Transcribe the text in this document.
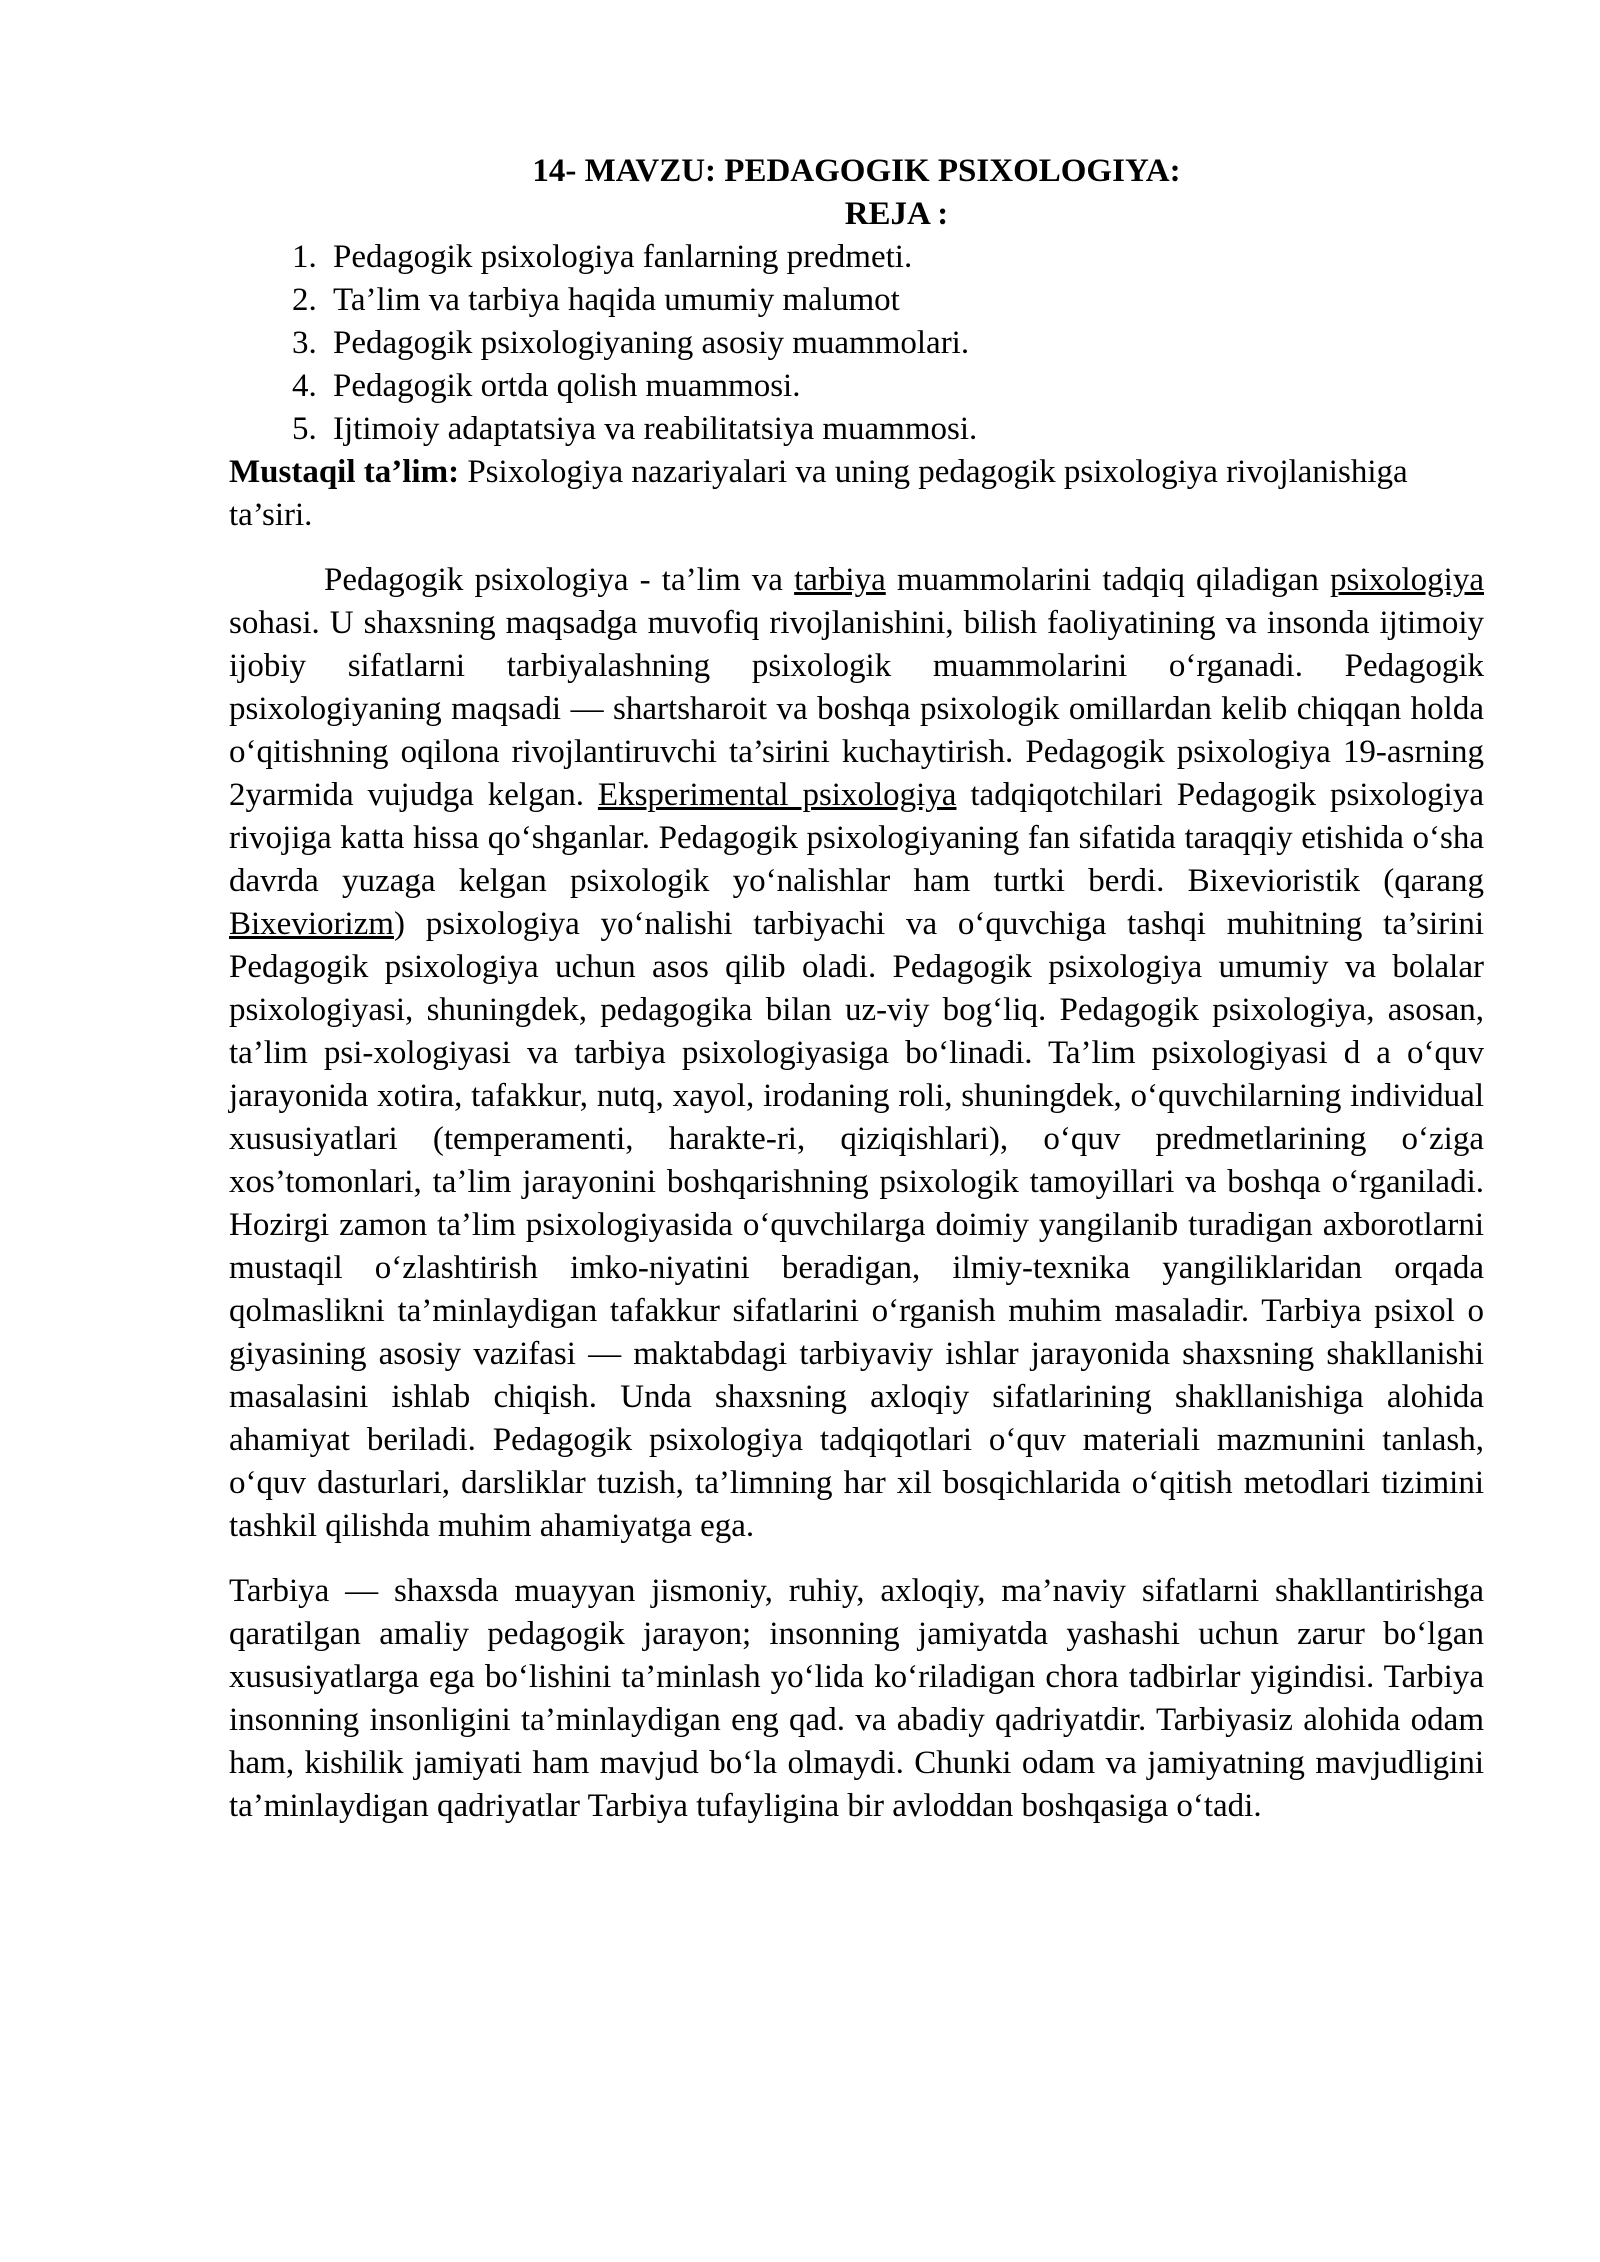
14- MAVZU: PEDAGOGIK PSIXOLOGIYA:

REJA :

1. Pedagogik psixologiya fanlarning predmeti.
2. Ta’lim va tarbiya haqida umumiy malumot
3. Pedagogik psixologiyaning asosiy muammolari.
4. Pedagogik ortda qolish muammosi.
5. Ijtimoiy adaptatsiya va reabilitatsiya muammosi.

Mustaqil ta’lim: Psixologiya nazariyalari va uning pedagogik psixologiya rivojlanishiga ta’siri.

Pedagogik psixologiya - ta’lim va tarbiya muammolarini tadqiq qiladigan psixologiya sohasi. U shaxsning maqsadga muvofiq rivojlanishini, bilish faoliyatining va insonda ijtimoiy ijobiy sifatlarni tarbiyalashning psixologik muammolarini o‘rganadi. Pedagogik psixologiyaning maqsadi — shartsharoit va boshqa psixologik omillardan kelib chiqqan holda o‘qitishning oqilona rivojlantiruvchi ta’sirini kuchaytirish. Pedagogik psixologiya 19-asrning 2yarmida vujudga kelgan. Eksperimental psixologiya tadqiqotchilari Pedagogik psixologiya rivojiga katta hissa qo‘shganlar. Pedagogik psixologiyaning fan sifatida taraqqiy etishida o‘sha davrda yuzaga kelgan psixologik yo‘nalishlar ham turtki berdi. Bixevioristik (qarang Bixeviorizm) psixologiya yo‘nalishi tarbiyachi va o‘quvchiga tashqi muhitning ta’sirini Pedagogik psixologiya uchun asos qilib oladi. Pedagogik psixologiya umumiy va bolalar psixologiyasi, shuningdek, pedagogika bilan uz-viy bog‘liq. Pedagogik psixologiya, asosan, ta’lim psi-xologiyasi va tarbiya psixologiyasiga bo‘linadi. Ta’lim psixologiyasi d a o‘quv jarayonida xotira, tafakkur, nutq, xayol, irodaning roli, shuningdek, o‘quvchilarning individual xususiyatlari (temperamenti, harakte-ri, qiziqishlari), o‘quv predmetlarining o‘ziga xos’tomonlari, ta’lim jarayonini boshqarishning psixologik tamoyillari va boshqa o‘rganiladi. Hozirgi zamon ta’lim psixologiyasida o‘quvchilarga doimiy yangilanib turadigan axborotlarni mustaqil o‘zlashtirish imko-niyatini beradigan, ilmiy-texnika yangiliklaridan orqada qolmaslikni ta’minlaydigan tafakkur sifatlarini o‘rganish muhim masaladir. Tarbiya psixol o giyasining asosiy vazifasi — maktabdagi tarbiyaviy ishlar jarayonida shaxsning shakllanishi masalasini ishlab chiqish. Unda shaxsning axloqiy sifatlarining shakllanishiga alohida ahamiyat beriladi. Pedagogik psixologiya tadqiqotlari o‘quv materiali mazmunini tanlash, o‘quv dasturlari, darsliklar tuzish, ta’limning har xil bosqichlarida o‘qitish metodlari tizimini tashkil qilishda muhim ahamiyatga ega.

Tarbiya — shaxsda muayyan jismoniy, ruhiy, axloqiy, ma’naviy sifatlarni shakllantirishga qaratilgan amaliy pedagogik jarayon; insonning jamiyatda yashashi uchun zarur bo‘lgan xususiyatlarga ega bo‘lishini ta’minlash yo‘lida ko‘riladigan chora tadbirlar yigindisi. Tarbiya insonning insonligini ta’minlaydigan eng qad. va abadiy qadriyatdir. Tarbiyasiz alohida odam ham, kishilik jamiyati ham mavjud bo‘la olmaydi. Chunki odam va jamiyatning mavjudligini ta’minlaydigan qadriyatlar Tarbiya tufayligina bir avloddan boshqasiga o‘tadi.
